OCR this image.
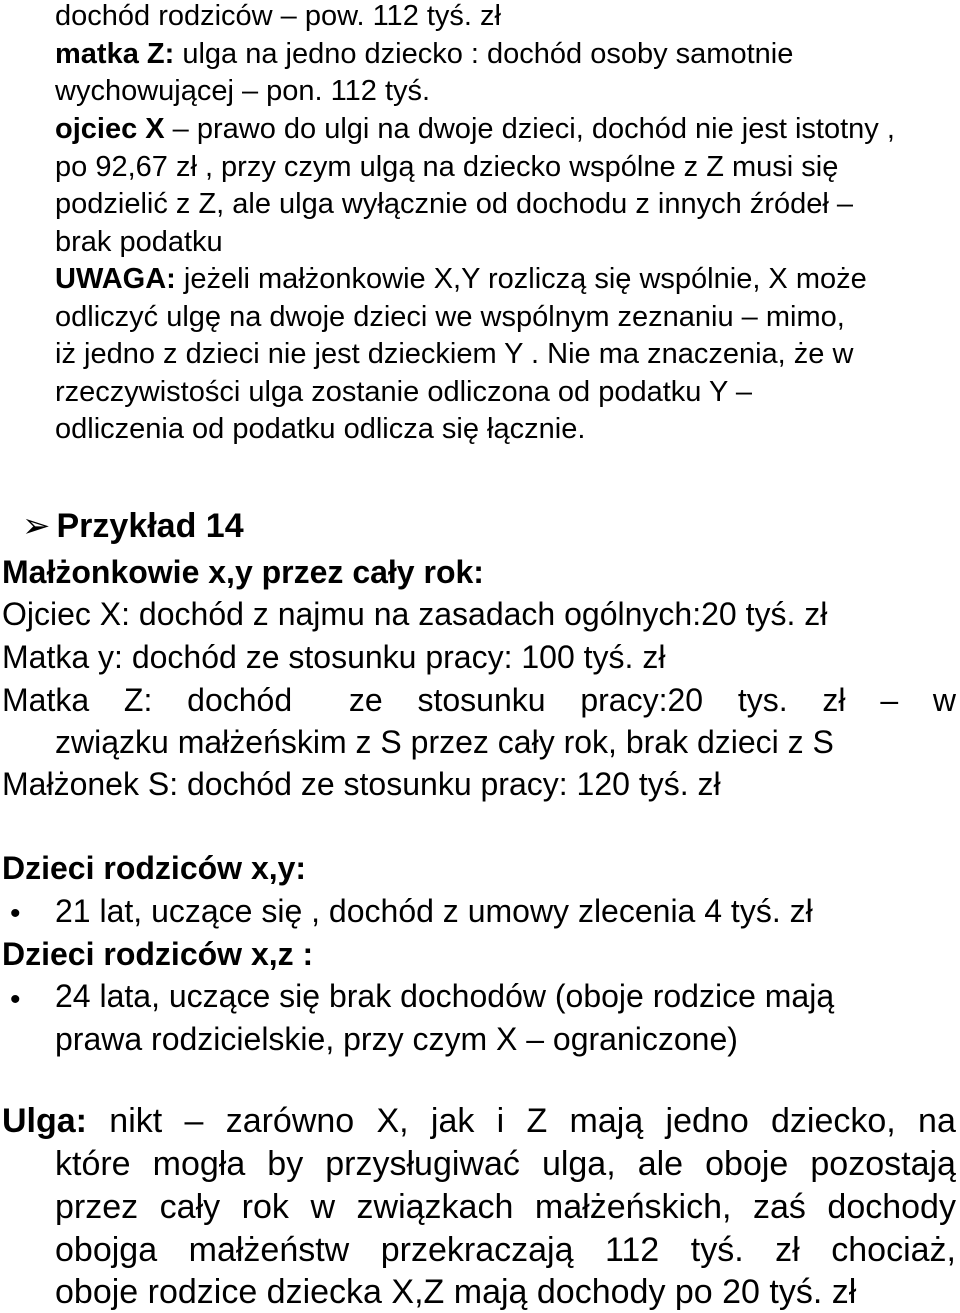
dochód rodziców – pow. 112 tyś. zł
matka Z: ulga na jedno dziecko : dochód osoby samotnie
wychowującej – pon. 112 tyś.
ojciec X – prawo do ulgi na dwoje dzieci, dochód nie jest istotny ,
po 92,67 zł , przy czym ulgą na dziecko wspólne z Z musi się
podzielić z Z, ale ulga wyłącznie od dochodu z innych źródeł –
brak podatku
UWAGA: jeżeli małżonkowie X,Y rozliczą się wspólnie, X może
odliczyć ulgę na dwoje dzieci we wspólnym zeznaniu – mimo,
iż jedno z dzieci nie jest dzieckiem Y . Nie ma znaczenia, że w
rzeczywistości ulga zostanie odliczona od podatku Y –
odliczenia od podatku odlicza się łącznie.
➢ Przykład 14
Małżonkowie x,y przez cały rok:
Ojciec X: dochód z najmu na zasadach ogólnych:20 tyś. zł
Matka y: dochód ze stosunku pracy: 100 tyś. zł
Matka Z: dochód ze stosunku pracy:20 tys. zł – w
związku małżeńskim z S przez cały rok, brak dzieci z S
Małżonek S: dochód ze stosunku pracy: 120 tyś. zł
Dzieci rodziców x,y:
• 21 lat, uczące się , dochód z umowy zlecenia 4 tyś. zł
Dzieci rodziców x,z :
• 24 lata, uczące się brak dochodów (oboje rodzice mają
prawa rodzicielskie, przy czym X – ograniczone)
Ulga: nikt – zarówno X, jak i Z mają jedno dziecko, na
które mogła by przysługiwać ulga, ale oboje pozostają
przez cały rok w związkach małżeńskich, zaś dochody
obojga małżeństw przekraczają 112 tyś. zł chociaż,
oboje rodzice dziecka X,Z mają dochody po 20 tyś. zł
